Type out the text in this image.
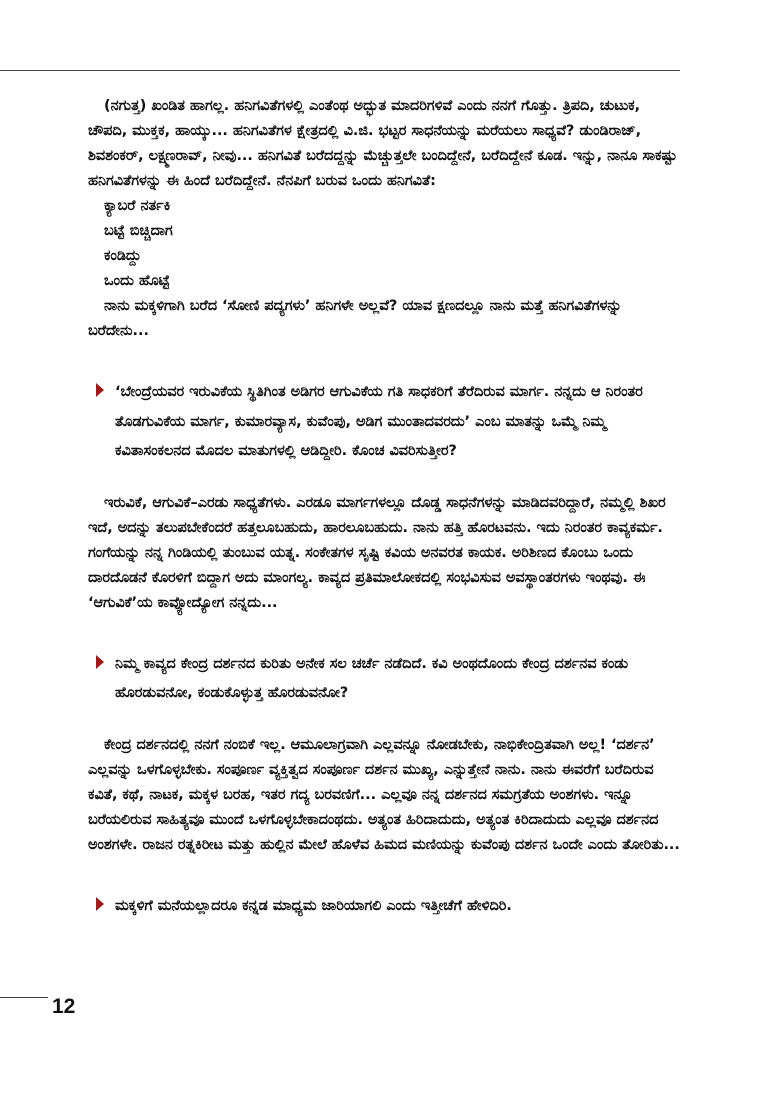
(ನಗುತ್ತ) ಖಂಡಿತ ಹಾಗಲ್ಲ. ಹನಿಗವಿತೆಗಳಲ್ಲಿ ಎಂತೆಂಥ ಅದ್ಭುತ ಮಾದರಿಗಳಿವೆ ಎಂದು ನನಗೆ ಗೊತ್ತು. ತ್ರಿಪದಿ, ಚುಟುಕ, ಚೌಪದಿ, ಮುಕ್ತಕ, ಹಾಯ್ಕು... ಹನಿಗವಿತೆಗಳ ಕ್ಷೇತ್ರದಲ್ಲಿ ವಿ.ಜಿ. ಭಟ್ಟರ ಸಾಧನೆಯನ್ನು ಮರೆಯಲು ಸಾಧ್ಯವೆ? ಡುಂಡಿರಾಜ್, ಶಿವಶಂಕರ್, ಲಕ್ಷ್ಮಣರಾವ್, ನೀವು... ಹನಿಗವಿತೆ ಬರೆದದ್ದನ್ನು ಮೆಚ್ಚುತ್ತಲೇ ಬಂದಿದ್ದೇನೆ, ಬರೆದಿದ್ದೇನೆ ಕೂಡ. ಇನ್ನು, ನಾನೂ ಸಾಕಷ್ಟು ಹನಿಗವಿತೆಗಳನ್ನು ಈ ಹಿಂದೆ ಬರೆದಿದ್ದೇನೆ. ನೆನಪಿಗೆ ಬರುವ ಒಂದು ಹನಿಗವಿತೆ:

ಕ್ಯಾಬರೆ ನರ್ತಕಿ
ಬಟ್ಟೆ ಬಿಚ್ಚಿದಾಗ
ಕಂಡಿದ್ದು
ಒಂದು ಹೊಟ್ಟೆ

ನಾನು ಮಕ್ಕಳಿಗಾಗಿ ಬರೆದ ‘ಸೋಣಿ ಪದ್ಯಗಳು’ ಹನಿಗಳೇ ಅಲ್ಲವೆ? ಯಾವ ಕ್ಷಣದಲ್ಲೂ ನಾನು ಮತ್ತೆ ಹನಿಗವಿತೆಗಳನ್ನು ಬರೆದೇನು...

‘ಬೇಂದ್ರೆಯವರ ಇರುವಿಕೆಯ ಸ್ಥಿತಿಗಿಂತ ಅಡಿಗರ ಆಗುವಿಕೆಯ ಗತಿ ಸಾಧಕರಿಗೆ ತೆರೆದಿರುವ ಮಾರ್ಗ. ನನ್ನದು ಆ ನಿರಂತರ ತೊಡಗುವಿಕೆಯ ಮಾರ್ಗ, ಕುಮಾರವ್ಯಾಸ, ಕುವೆಂಪು, ಅಡಿಗ ಮುಂತಾದವರದು’ ಎಂಬ ಮಾತನ್ನು ಒಮ್ಮೆ ನಿಮ್ಮ ಕವಿತಾಸಂಕಲನದ ಮೊದಲ ಮಾತುಗಳಲ್ಲಿ ಆಡಿದ್ದೀರಿ. ಕೊಂಚ ವಿವರಿಸುತ್ತೀರ?

ಇರುವಿಕೆ, ಆಗುವಿಕೆ–ಎರಡು ಸಾಧ್ಯತೆಗಳು. ಎರಡೂ ಮಾರ್ಗಗಳಲ್ಲೂ ದೊಡ್ಡ ಸಾಧನೆಗಳನ್ನು ಮಾಡಿದವರಿದ್ದಾರೆ, ನಮ್ಮಲ್ಲಿ ಶಿಖರ ಇದೆ, ಅದನ್ನು ತಲುಪಬೇಕೆಂದರೆ ಹತ್ತಲೂಬಹುದು, ಹಾರಲೂಬಹುದು. ನಾನು ಹತ್ತಿ ಹೊರಟವನು. ಇದು ನಿರಂತರ ಕಾವ್ಯಕರ್ಮ. ಗಂಗೆಯನ್ನು ನನ್ನ ಗಿಂಡಿಯಲ್ಲಿ ತುಂಬುವ ಯತ್ನ. ಸಂಕೇತಗಳ ಸೃಷ್ಟಿ ಕವಿಯ ಅನವರತ ಕಾಯಕ. ಅರಿಶಿಣದ ಕೊಂಬು ಒಂದು ದಾರದೊಡನೆ ಕೊರಳಿಗೆ ಬಿದ್ದಾಗ ಅದು ಮಾಂಗಲ್ಯ. ಕಾವ್ಯದ ಪ್ರತಿಮಾಲೋಕದಲ್ಲಿ ಸಂಭವಿಸುವ ಅವಸ್ಥಾಂತರಗಳು ಇಂಥವು. ಈ ‘ಆಗುವಿಕೆ’ಯ ಕಾವ್ಯೋದ್ಯೋಗ ನನ್ನದು...

ನಿಮ್ಮ ಕಾವ್ಯದ ಕೇಂದ್ರ ದರ್ಶನದ ಕುರಿತು ಅನೇಕ ಸಲ ಚರ್ಚೆ ನಡೆದಿದೆ. ಕವಿ ಅಂಥದೊಂದು ಕೇಂದ್ರ ದರ್ಶನವ ಕಂಡು ಹೊರಡುವನೋ, ಕಂಡುಕೊಳ್ಳುತ್ತ ಹೊರಡುವನೋ?

ಕೇಂದ್ರ ದರ್ಶನದಲ್ಲಿ ನನಗೆ ನಂಬಿಕೆ ಇಲ್ಲ. ಆಮೂಲಾಗ್ರವಾಗಿ ಎಲ್ಲವನ್ನೂ ನೋಡಬೇಕು, ನಾಭಿಕೇಂದ್ರಿತವಾಗಿ ಅಲ್ಲ! ‘ದರ್ಶನ’ ಎಲ್ಲವನ್ನು ಒಳಗೊಳ್ಳಬೇಕು. ಸಂಪೂರ್ಣ ವ್ಯಕ್ತಿತ್ವದ ಸಂಪೂರ್ಣ ದರ್ಶನ ಮುಖ್ಯ, ಎನ್ನುತ್ತೇನೆ ನಾನು. ನಾನು ಈವರೆಗೆ ಬರೆದಿರುವ ಕವಿತೆ, ಕಥೆ, ನಾಟಕ, ಮಕ್ಕಳ ಬರಹ, ಇತರ ಗದ್ಯ ಬರವಣಿಗೆ... ಎಲ್ಲವೂ ನನ್ನ ದರ್ಶನದ ಸಮಗ್ರತೆಯ ಅಂಶಗಳು. ಇನ್ನೂ ಬರೆಯಲಿರುವ ಸಾಹಿತ್ಯವೂ ಮುಂದೆ ಒಳಗೊಳ್ಳಬೇಕಾದಂಥದು. ಅತ್ಯಂತ ಹಿರಿದಾದುದು, ಅತ್ಯಂತ ಕಿರಿದಾದುದು ಎಲ್ಲವೂ ದರ್ಶನದ ಅಂಶಗಳೇ. ರಾಜನ ರತ್ನಕಿರೀಟ ಮತ್ತು ಹುಲ್ಲಿನ ಮೇಲೆ ಹೊಳೆವ ಹಿಮದ ಮಣಿಯನ್ನು ಕುವೆಂಪು ದರ್ಶನ ಒಂದೇ ಎಂದು ತೋರಿತು...

ಮಕ್ಕಳಿಗೆ ಮನೆಯಲ್ಲಾದರೂ ಕನ್ನಡ ಮಾಧ್ಯಮ ಜಾರಿಯಾಗಲಿ ಎಂದು ಇತ್ತೀಚೆಗೆ ಹೇಳಿದಿರಿ.

12
